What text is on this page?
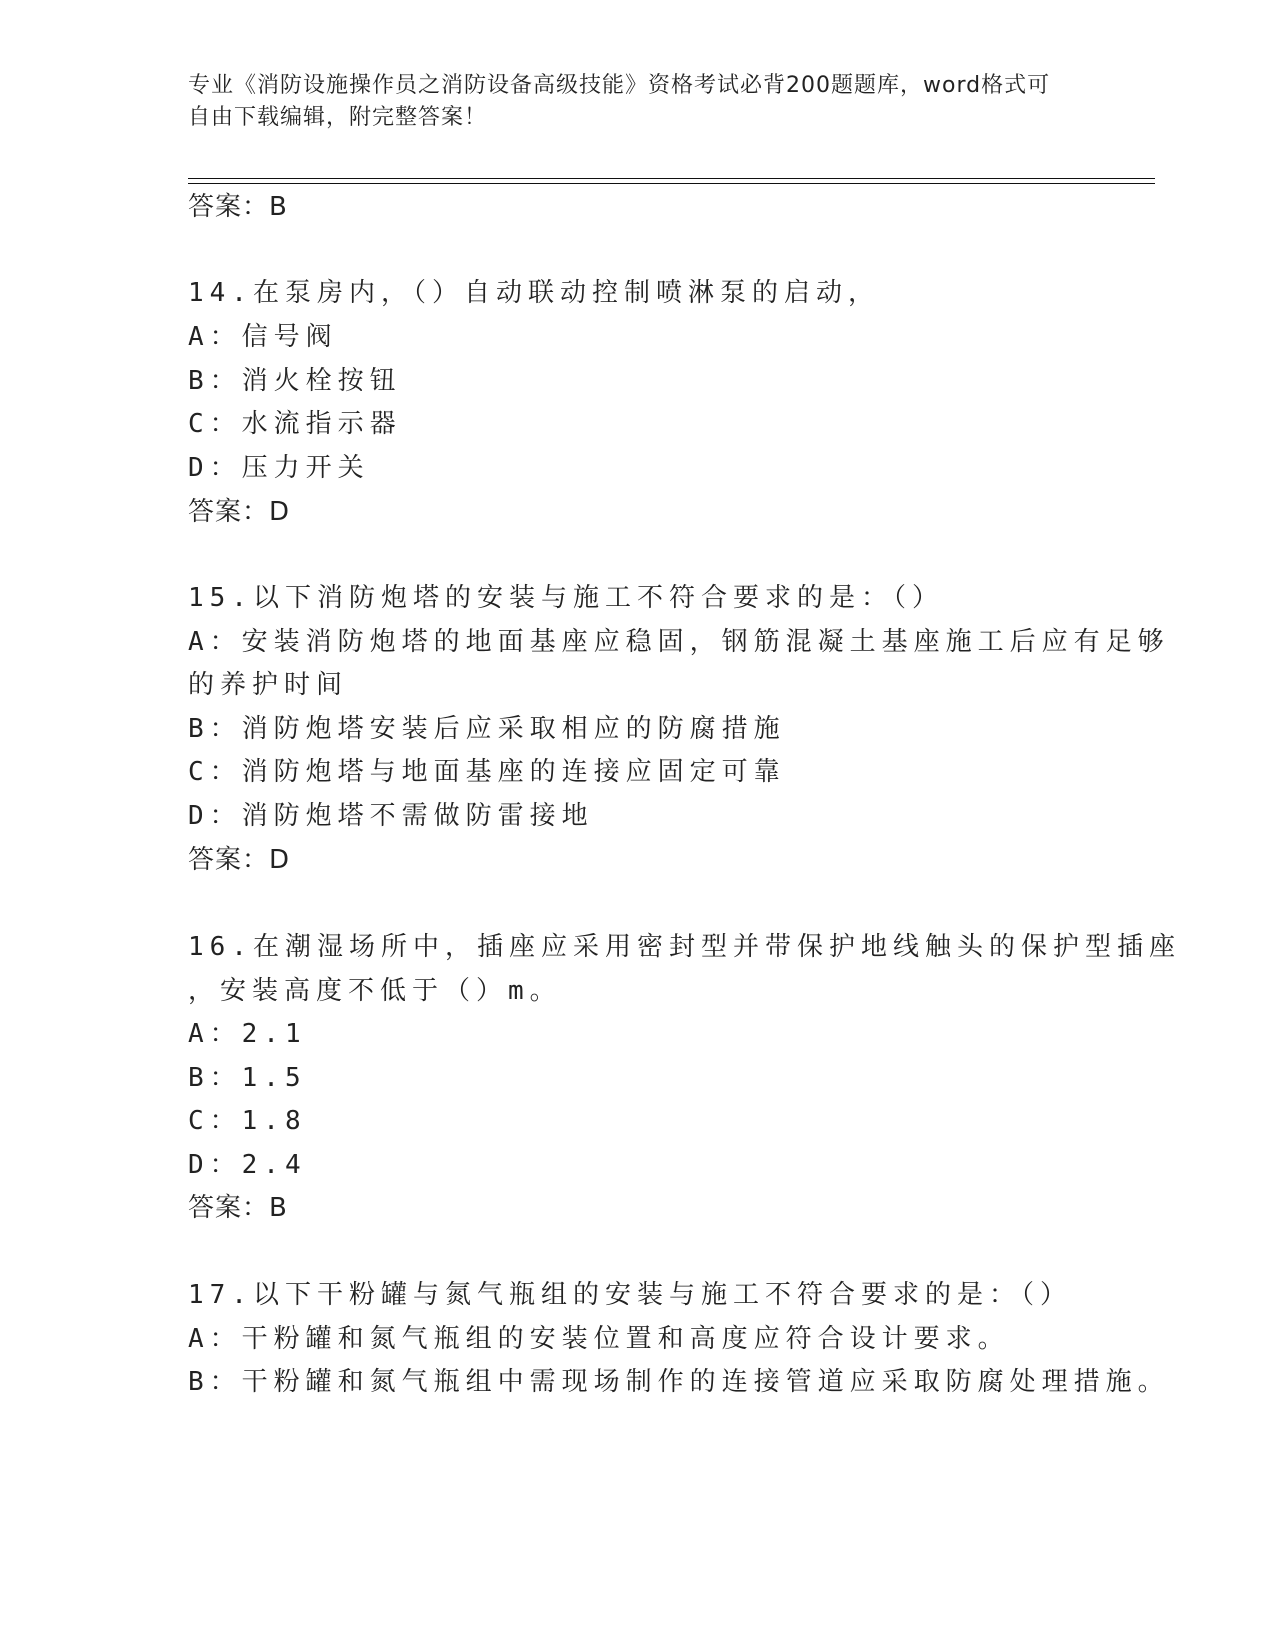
专业《消防设施操作员之消防设备高级技能》资格考试必背200题题库，word格式可自由下载编辑，附完整答案！
答案：B
14.在泵房内，（）自动联动控制喷淋泵的启动，
A：信号阀
B：消火栓按钮
C：水流指示器
D：压力开关
答案：D
15.以下消防炮塔的安装与施工不符合要求的是：（）
A：安装消防炮塔的地面基座应稳固，钢筋混凝土基座施工后应有足够
的养护时间
B：消防炮塔安装后应采取相应的防腐措施
C：消防炮塔与地面基座的连接应固定可靠
D：消防炮塔不需做防雷接地
答案：D
16.在潮湿场所中，插座应采用密封型并带保护地线触头的保护型插座
，安装高度不低于（）m。
A：2.1
B：1.5
C：1.8
D：2.4
答案：B
17.以下干粉罐与氮气瓶组的安装与施工不符合要求的是：（）
A：干粉罐和氮气瓶组的安装位置和高度应符合设计要求。
B：干粉罐和氮气瓶组中需现场制作的连接管道应采取防腐处理措施。
